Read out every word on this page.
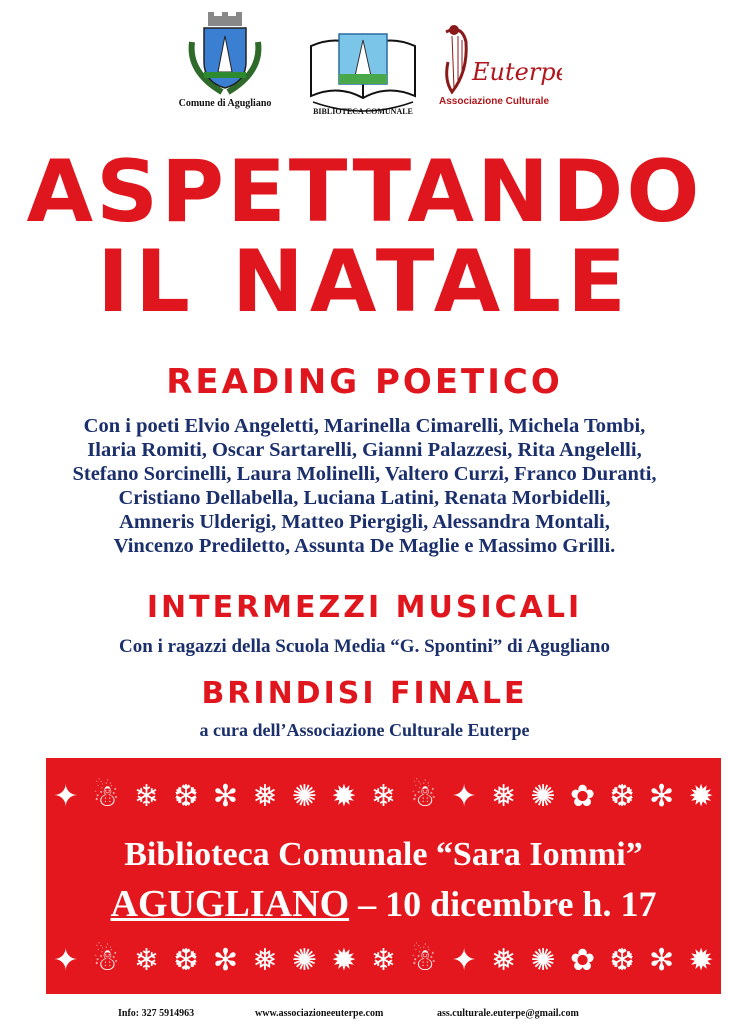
Comune di Agugliano
BIBLIOTECA COMUNALE
Euterpe
Associazione Culturale
ASPETTANDO
IL NATALE
READING POETICO
Con i poeti Elvio Angeletti, Marinella Cimarelli, Michela Tombi,
Ilaria Romiti, Oscar Sartarelli, Gianni Palazzesi, Rita Angelelli,
Stefano Sorcinelli, Laura Molinelli, Valtero Curzi, Franco Duranti,
Cristiano Dellabella, Luciana Latini, Renata Morbidelli,
Amneris Ulderigi, Matteo Piergigli, Alessandra Montali,
Vincenzo Prediletto, Assunta De Maglie e Massimo Grilli.
INTERMEZZI MUSICALI
Con i ragazzi della Scuola Media “G. Spontini” di Agugliano
BRINDISI FINALE
a cura dell’Associazione Culturale Euterpe
✦ ☃ ❄ ❆ ✻ ❅ ✺ ✹ ❄ ☃ ✦ ❅ ✺ ✿ ❆ ✻ ✹
Biblioteca Comunale “Sara Iommi”
AGUGLIANO – 10 dicembre h. 17
✦ ☃ ❄ ❆ ✻ ❅ ✺ ✹ ❄ ☃ ✦ ❅ ✺ ✿ ❆ ✻ ✹
Info: 327 5914963	www.associazioneeuterpe.com	ass.culturale.euterpe@gmail.com
